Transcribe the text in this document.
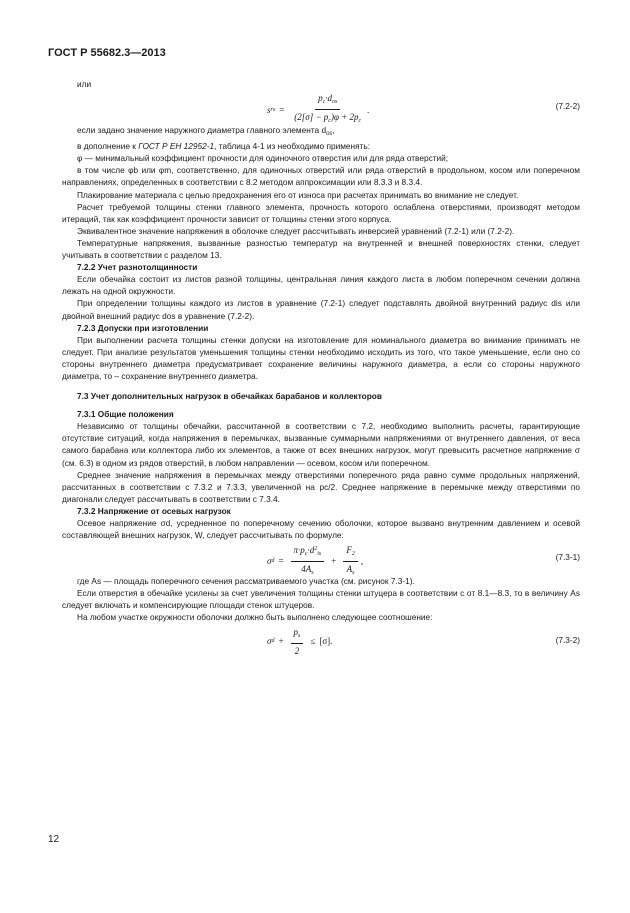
ГОСТ Р 55682.3—2013

или

s rs = $\frac{p_c\cdot d_{os}}{(2[\sigma] - p_c)\varphi + 2p_c}$ .	(7.2-2)

если задано значение наружного диаметра главного элемента $d_{os}$,

в дополнение к ГОСТ Р ЕН 12952-1, таблица 4-1 из необходимо применять:

φ — минимальный коэффициент прочности для одиночного отверстия или для ряда отверстий;

в том числе φb или φm, соответственно, для одиночных отверстий или ряда отверстий в продольном, косом или поперечном направлениях, определенных в соответствии с 8.2 методом аппроксимации или 8.3.3 и 8.3.4.

Плакирование материала с целью предохранения его от износа при расчетах принимать во внимание не следует.

Расчет требуемой толщины стенки главного элемента, прочность которого ослаблена отверстиями, производят методом итераций, так как коэффициент прочности зависит от толщины стенки этого корпуса.

Эквивалентное значение напряжения в оболочке следует рассчитывать инверсией уравнений (7.2-1) или (7.2-2).

Температурные напряжения, вызванные разностью температур на внутренней и внешней поверхностях стенки, следует учитывать в соответствии с разделом 13.

7.2.2 Учет разнотолщинности

Если обечайка состоит из листов разной толщины, центральная линия каждого листа в любом поперечном сечении должна лежать на одной окружности.

При определении толщины каждого из листов в уравнение (7.2-1) следует подставлять двойной внутренний радиус dis или двойной внешний радиус dos в уравнение (7.2-2).

7.2.3 Допуски при изготовлении

При выполнении расчета толщины стенки допуски на изготовление для номинального диаметра во внимание принимать не следует. При анализе результатов уменьшения толщины стенки необходимо исходить из того, что такое уменьшение, если оно со стороны внутреннего диаметра предусматривает сохранение величины наружного диаметра, а если со стороны наружного диаметра, то – сохранение внутреннего диаметра.

7.3 Учет дополнительных нагрузок в обечайках барабанов и коллекторов

7.3.1 Общие положения

Независимо от толщины обечайки, рассчитанной в соответствии с 7.2, необходимо выполнить расчеты, гарантирующие отсутствие ситуаций, когда напряжения в перемычках, вызванные суммарными напряжениями от внутреннего давления, от веса самого барабана или коллектора либо их элементов, а также от всех внешних нагрузок, могут превысить расчетное напряжение σ (см. 6.3) в одном из рядов отверстий, в любом направлении — осевом, косом или поперечном.

Среднее значение напряжения в перемычках между отверстиями поперечного ряда равно сумме продольных напряжений, рассчитанных в соответствии с 7.3.2 и 7.3.3, увеличенной на pc/2. Среднее напряжение в перемычке между отверстиями по диагонали следует рассчитывать в соответствии с 7.3.4.

7.3.2 Напряжение от осевых нагрузок

Осевое напряжение σd, усредненное по поперечному сечению оболочки, которое вызвано внутренним давлением и осевой составляющей внешних нагрузок, W, следует рассчитывать по формуле:

σ $d = \frac{\pi\cdot p_c\cdot d^2_{is}}{4A_s} + \frac{F_2}{A_s}$ ,	(7.3-1)

где As — площадь поперечного сечения рассматриваемого участка (см. рисунок 7.3-1).

Если отверстия в обечайке усилены за счет увеличения толщины стенки штуцера в соответствии с от 8.1—8.3, то в величину As следует включать и компенсирующие площади стенок штуцеров.

На любом участке окружности оболочки должно быть выполнено следующее соотношение:

σ $d + \frac{p_s}{2} \le [\sigma]$.	(7.3-2)
12
